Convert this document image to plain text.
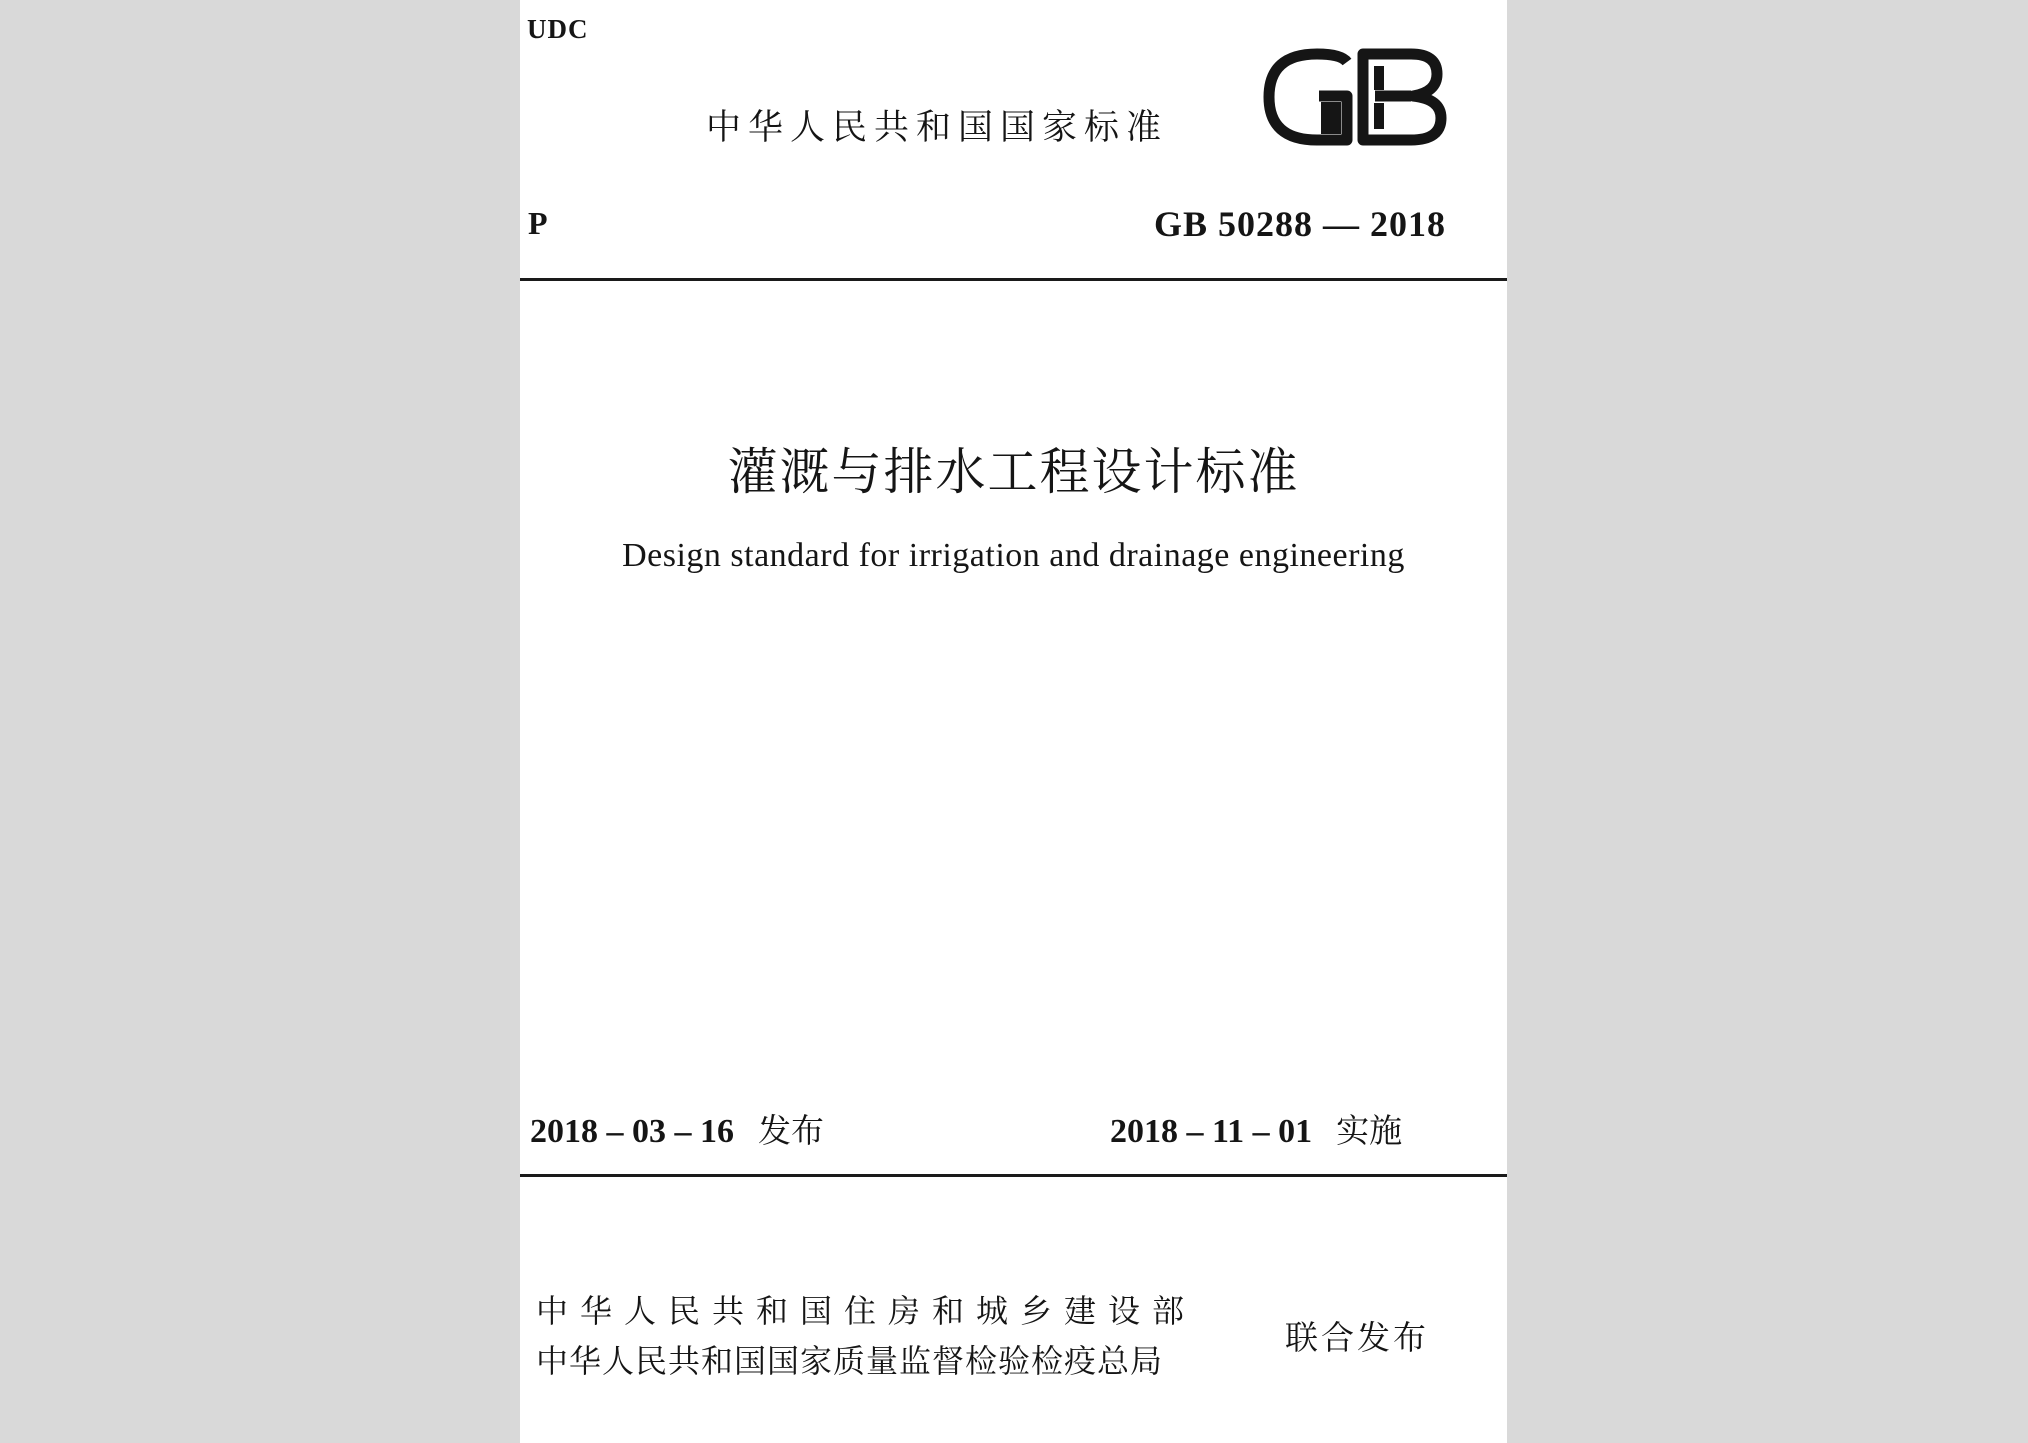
UDC
中华人民共和国国家标准	GB
P	GB 50288 — 2018
灌溉与排水工程设计标准
Design standard for irrigation and drainage engineering
2018 – 03 – 16 发布	2018 – 11 – 01 实施
中华人民共和国住房和城乡建设部
中华人民共和国国家质量监督检验检疫总局
联合发布
